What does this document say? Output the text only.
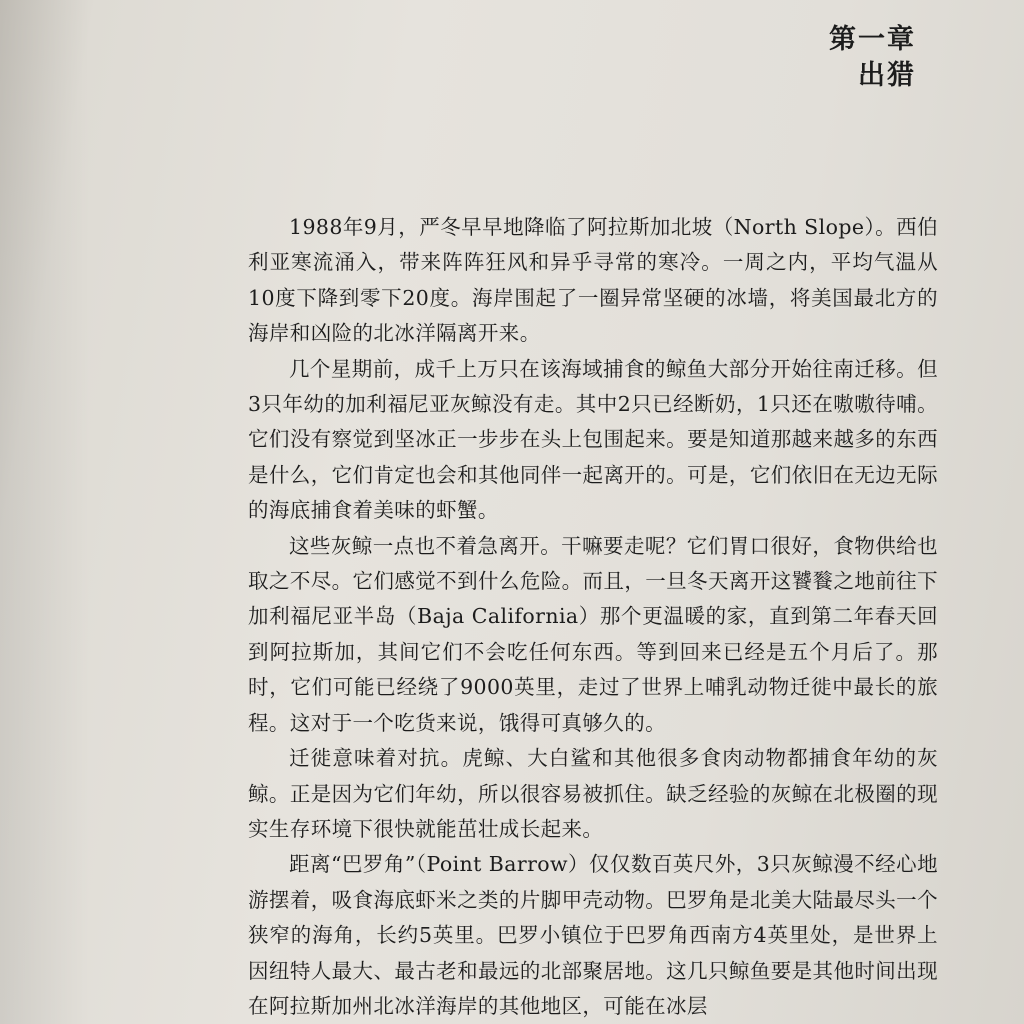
第一章
出猎

1988年9月，严冬早早地降临了阿拉斯加北坡（North Slope）。西伯利亚寒流涌入，带来阵阵狂风和异乎寻常的寒冷。一周之内，平均气温从10度下降到零下20度。海岸围起了一圈异常坚硬的冰墙，将美国最北方的海岸和凶险的北冰洋隔离开来。

几个星期前，成千上万只在该海域捕食的鲸鱼大部分开始往南迁移。但3只年幼的加利福尼亚灰鲸没有走。其中2只已经断奶，1只还在嗷嗷待哺。它们没有察觉到坚冰正一步步在头上包围起来。要是知道那越来越多的东西是什么，它们肯定也会和其他同伴一起离开的。可是，它们依旧在无边无际的海底捕食着美味的虾蟹。

这些灰鲸一点也不着急离开。干嘛要走呢？它们胃口很好，食物供给也取之不尽。它们感觉不到什么危险。而且，一旦冬天离开这饕餮之地前往下加利福尼亚半岛（Baja California）那个更温暖的家，直到第二年春天回到阿拉斯加，其间它们不会吃任何东西。等到回来已经是五个月后了。那时，它们可能已经绕了9000英里，走过了世界上哺乳动物迁徙中最长的旅程。这对于一个吃货来说，饿得可真够久的。

迁徙意味着对抗。虎鲸、大白鲨和其他很多食肉动物都捕食年幼的灰鲸。正是因为它们年幼，所以很容易被抓住。缺乏经验的灰鲸在北极圈的现实生存环境下很快就能茁壮成长起来。

距离“巴罗角”（Point Barrow）仅仅数百英尺外，3只灰鲸漫不经心地游摆着，吸食海底虾米之类的片脚甲壳动物。巴罗角是北美大陆最尽头一个狭窄的海角，长约5英里。巴罗小镇位于巴罗角西南方4英里处，是世界上因纽特人最大、最古老和最远的北部聚居地。这几只鲸鱼要是其他时间出现在阿拉斯加州北冰洋海岸的其他地区，可能在冰层
